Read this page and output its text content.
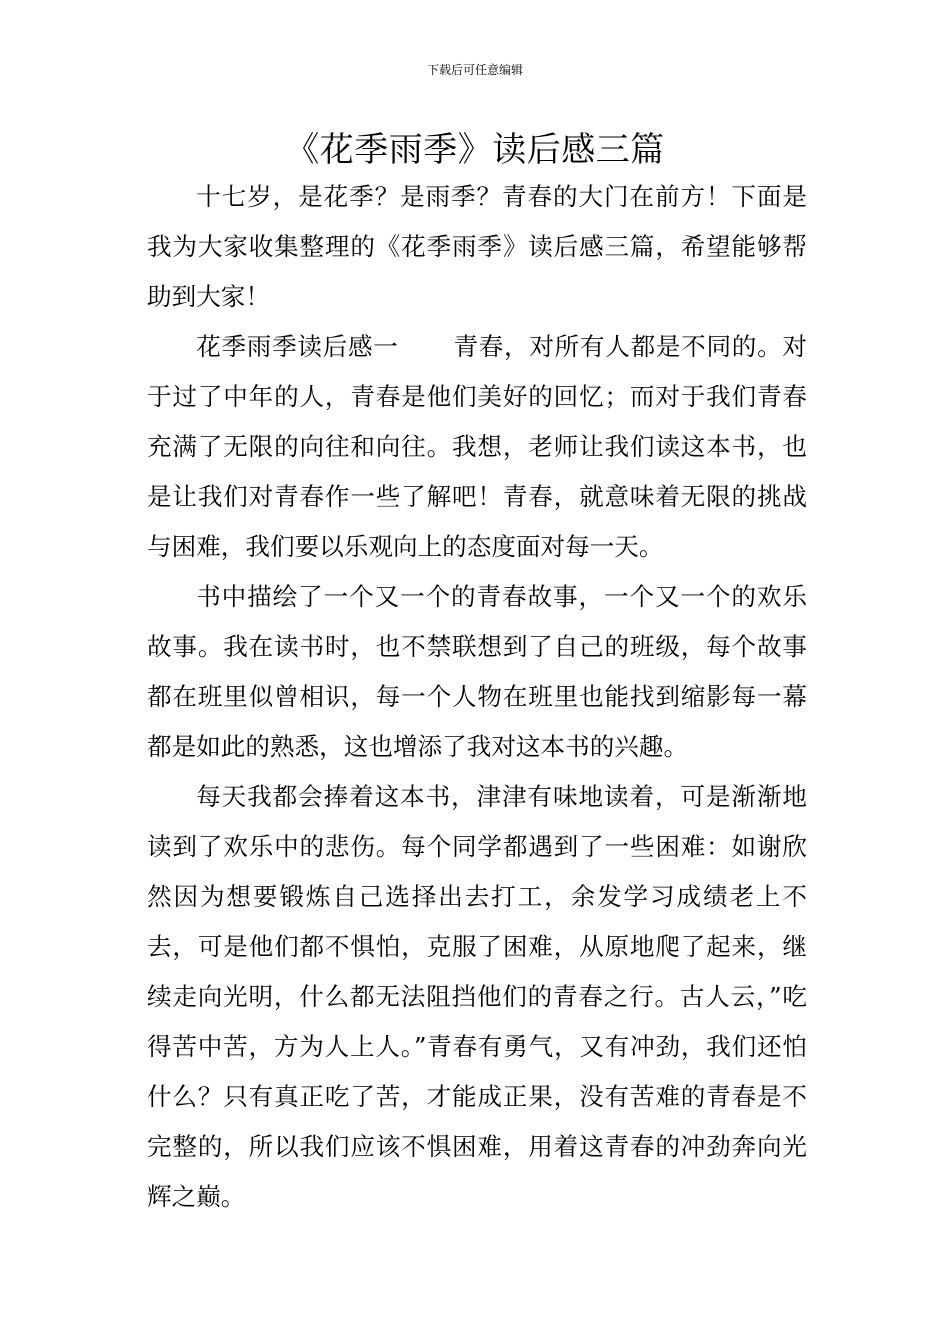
下载后可任意编辑
《花季雨季》读后感三篇

十七岁，是花季？是雨季？青春的大门在前方！下面是我为大家收集整理的《花季雨季》读后感三篇，希望能够帮助到大家！

花季雨季读后感一 青春，对所有人都是不同的。对于过了中年的人，青春是他们美好的回忆；而对于我们青春充满了无限的向往和向往。我想，老师让我们读这本书，也是让我们对青春作一些了解吧！青春，就意味着无限的挑战与困难，我们要以乐观向上的态度面对每一天。

书中描绘了一个又一个的青春故事，一个又一个的欢乐故事。我在读书时，也不禁联想到了自己的班级，每个故事都在班里似曾相识，每一个人物在班里也能找到缩影每一幕都是如此的熟悉，这也增添了我对这本书的兴趣。

每天我都会捧着这本书，津津有味地读着，可是渐渐地读到了欢乐中的悲伤。每个同学都遇到了一些困难：如谢欣然因为想要锻炼自己选择出去打工，余发学习成绩老上不去，可是他们都不惧怕，克服了困难，从原地爬了起来，继续走向光明，什么都无法阻挡他们的青春之行。古人云，”吃得苦中苦，方为人上人。”青春有勇气，又有冲劲，我们还怕什么？只有真正吃了苦，才能成正果，没有苦难的青春是不完整的，所以我们应该不惧困难，用着这青春的冲劲奔向光辉之巅。
